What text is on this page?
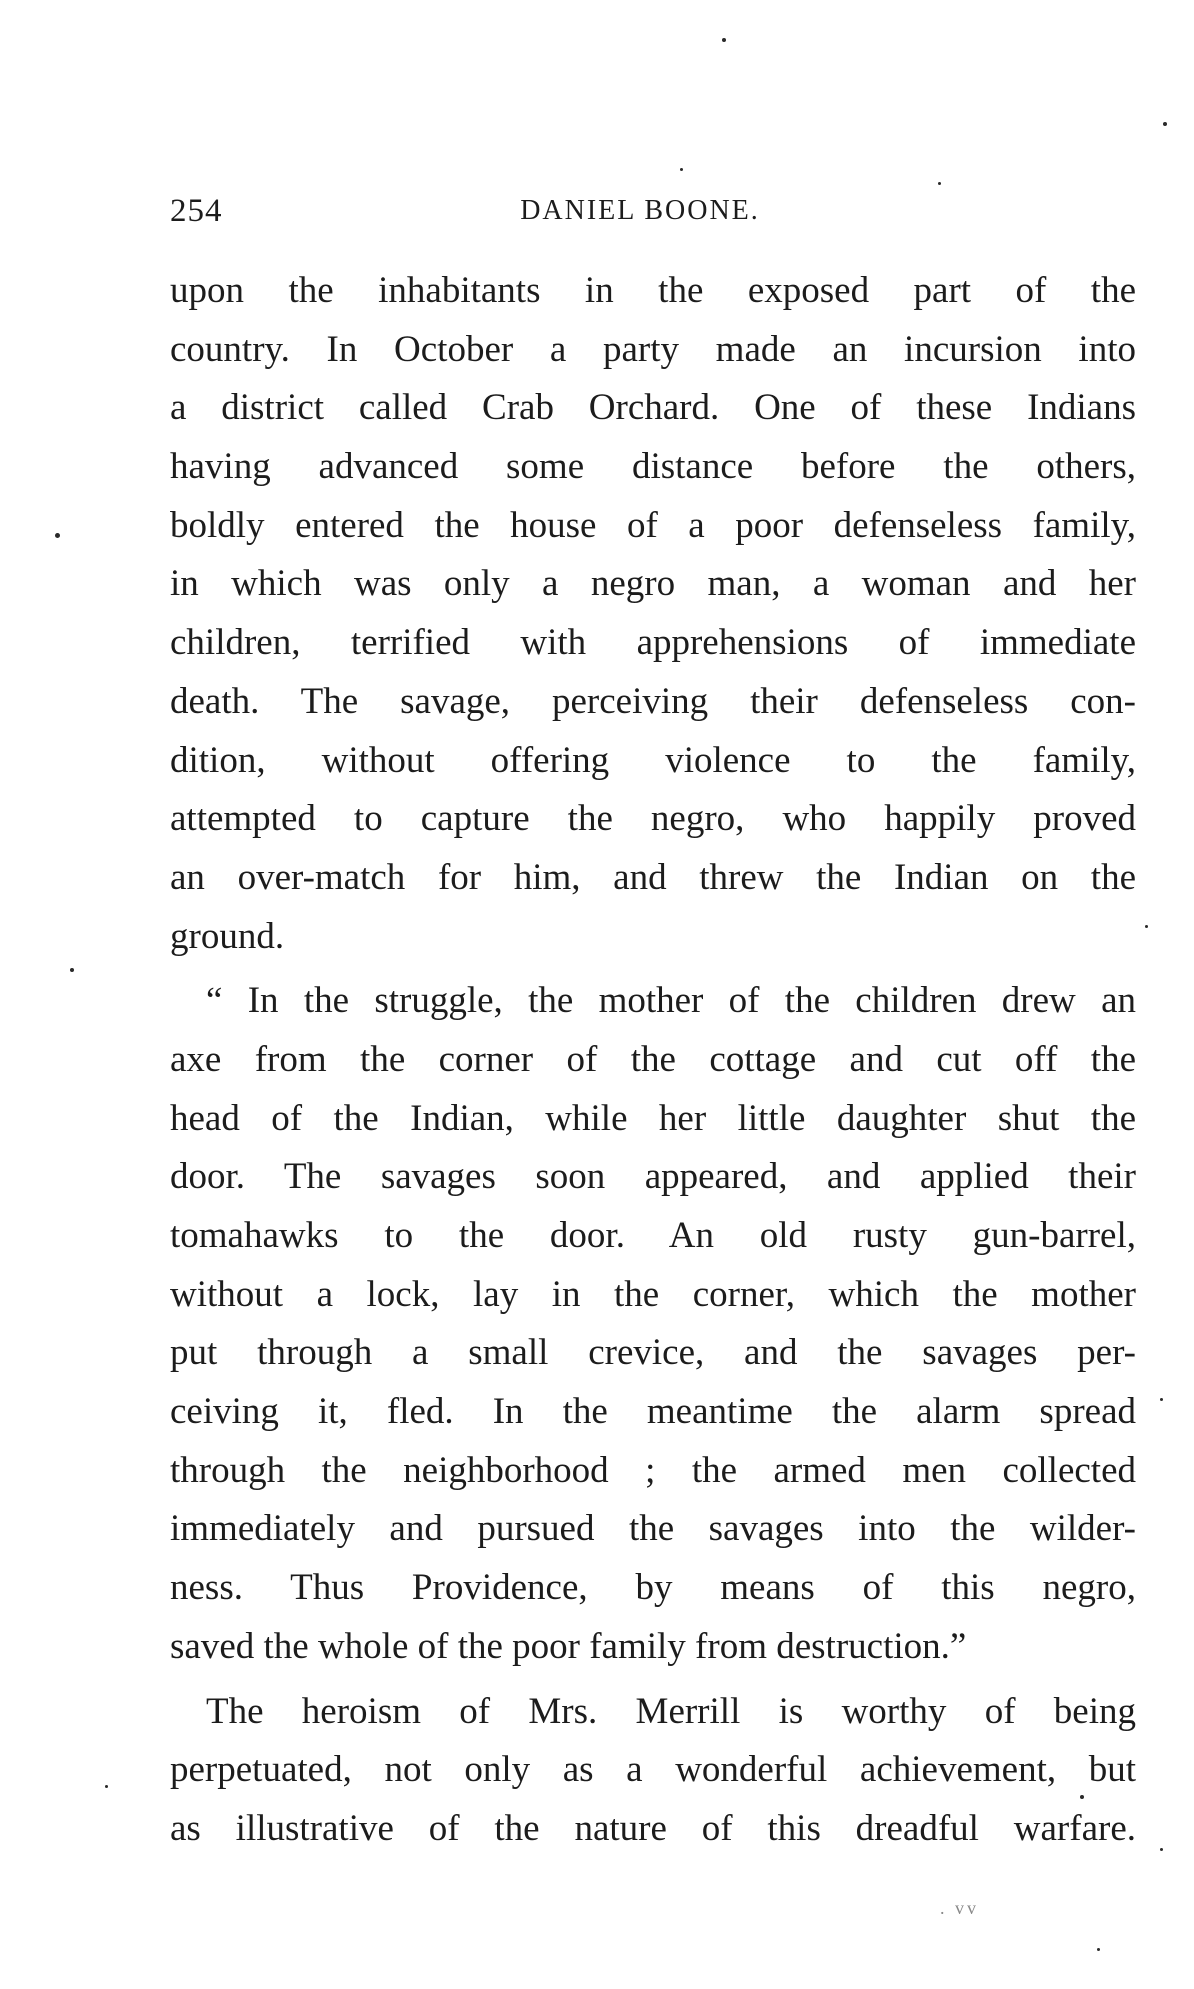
254	DANIEL BOONE.
upon the inhabitants in the exposed part of the
country. In October a party made an incursion into
a district called Crab Orchard. One of these Indians
having advanced some distance before the others,
boldly entered the house of a poor defenseless family,
in which was only a negro man, a woman and her
children, terrified with apprehensions of immediate
death. The savage, perceiving their defenseless con-
dition, without offering violence to the family,
attempted to capture the negro, who happily proved
an over-match for him, and threw the Indian on the
ground.
“ In the struggle, the mother of the children drew an
axe from the corner of the cottage and cut off the
head of the Indian, while her little daughter shut the
door. The savages soon appeared, and applied their
tomahawks to the door. An old rusty gun-barrel,
without a lock, lay in the corner, which the mother
put through a small crevice, and the savages per-
ceiving it, fled. In the meantime the alarm spread
through the neighborhood ; the armed men collected
immediately and pursued the savages into the wilder-
ness. Thus Providence, by means of this negro,
saved the whole of the poor family from destruction.”
The heroism of Mrs. Merrill is worthy of being
perpetuated, not only as a wonderful achievement, but
as illustrative of the nature of this dreadful warfare.
. ᴠᴠ
